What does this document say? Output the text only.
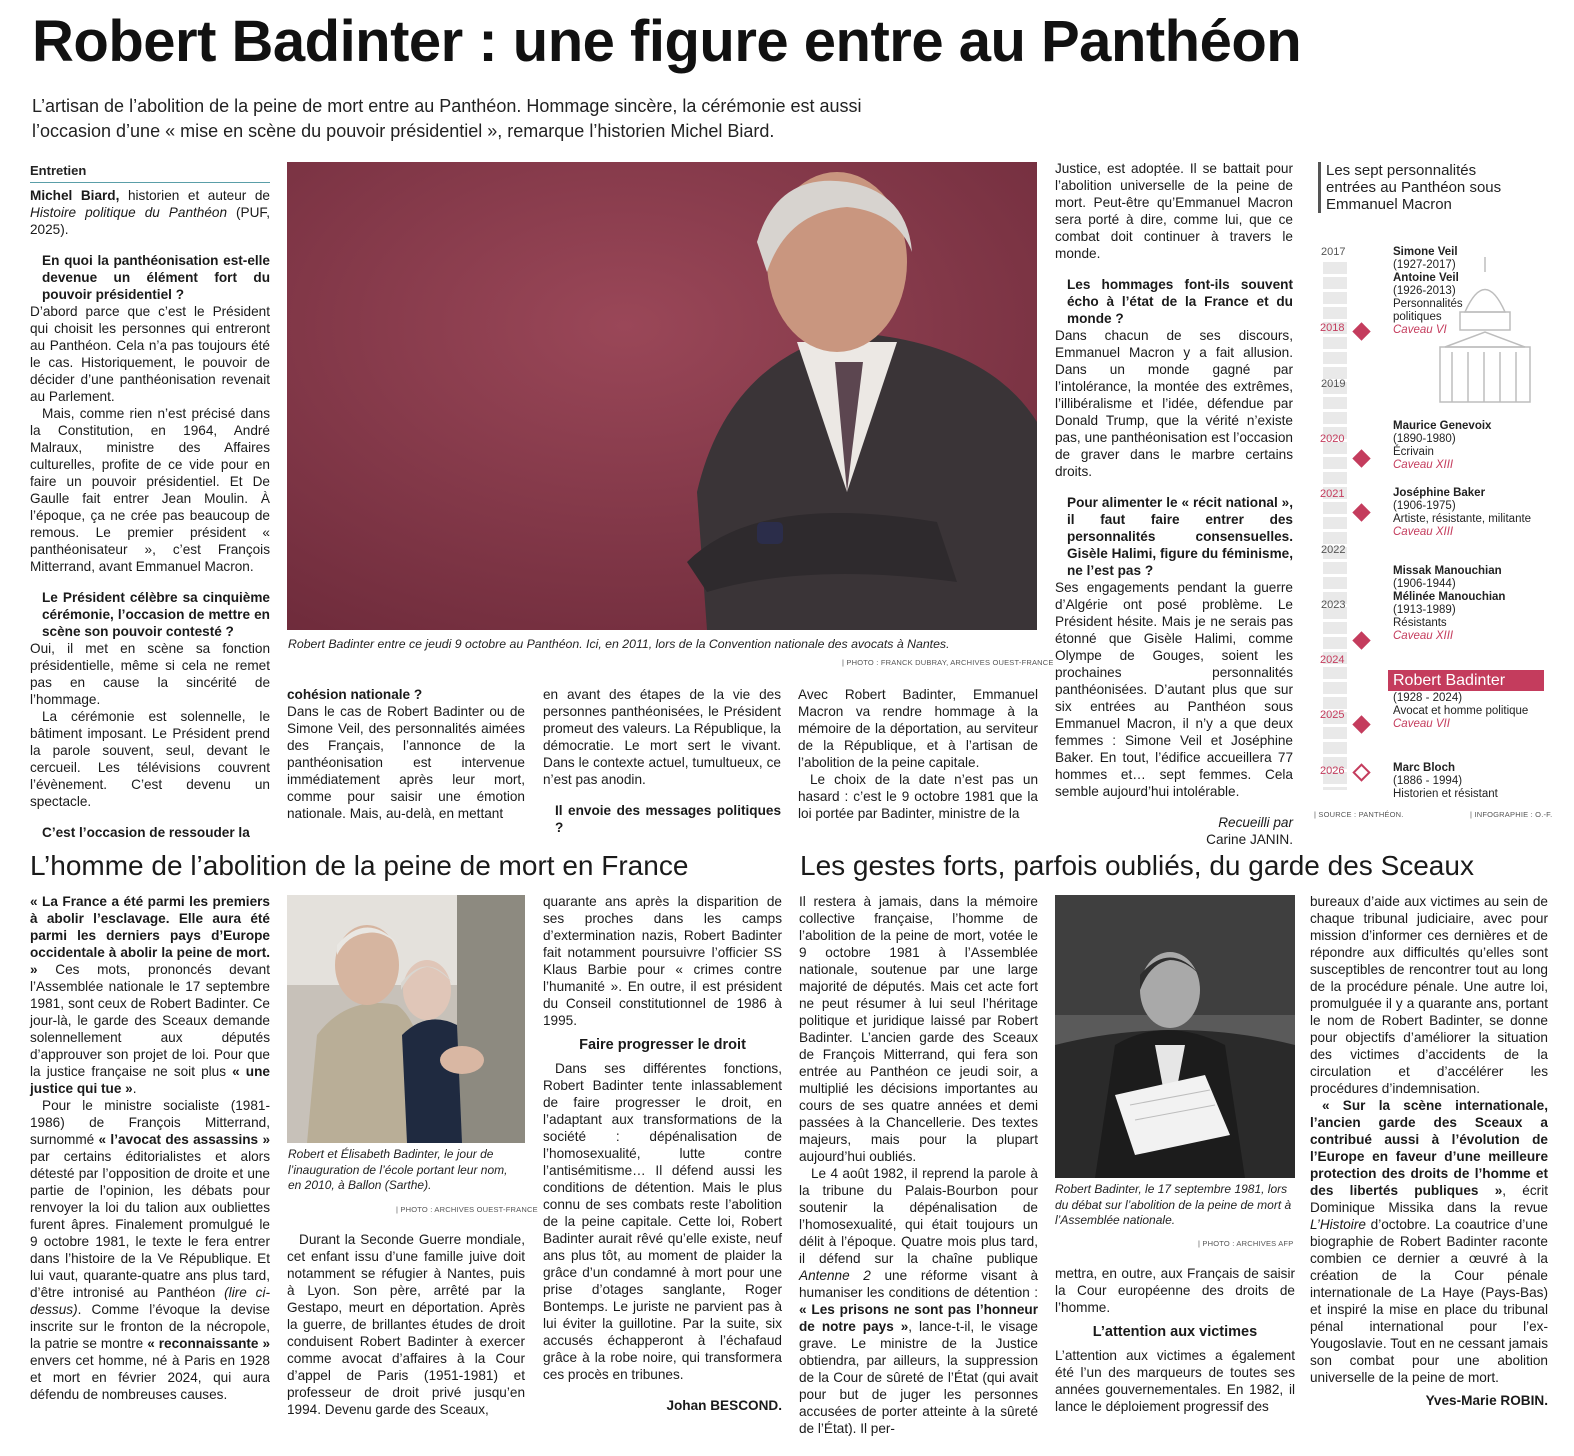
Robert Badinter : une figure entre au Panthéon
L’artisan de l’abolition de la peine de mort entre au Panthéon. Hommage sincère, la cérémonie est aussi l’occasion d’une « mise en scène du pouvoir présidentiel », remarque l’historien Michel Biard.
Entretien

Michel Biard, historien et auteur de Histoire politique du Panthéon (PUF, 2025).

En quoi la panthéonisation est-elle devenue un élément fort du pouvoir présidentiel ?

D’abord parce que c’est le Président qui choisit les personnes qui entreront au Panthéon. Cela n’a pas toujours été le cas. Historiquement, le pouvoir de décider d’une panthéonisation revenait au Parlement.

Mais, comme rien n’est précisé dans la Constitution, en 1964, André Malraux, ministre des Affaires culturelles, profite de ce vide pour en faire un pouvoir présidentiel. Et De Gaulle fait entrer Jean Moulin. À l’époque, ça ne crée pas beaucoup de remous. Le premier président « panthéonisateur », c’est François Mitterrand, avant Emmanuel Macron.

Le Président célèbre sa cinquième cérémonie, l’occasion de mettre en scène son pouvoir contesté ?

Oui, il met en scène sa fonction présidentielle, même si cela ne remet pas en cause la sincérité de l’hommage.

La cérémonie est solennelle, le bâtiment imposant. Le Président prend la parole souvent, seul, devant le cercueil. Les télévisions couvrent l’évènement. C’est devenu un spectacle.

C’est l’occasion de ressouder la

Robert Badinter entre ce jeudi 9 octobre au Panthéon. Ici, en 2011, lors de la Convention nationale des avocats à Nantes.
| PHOTO : FRANCK DUBRAY, ARCHIVES OUEST-FRANCE

cohésion nationale ?

Dans le cas de Robert Badinter ou de Simone Veil, des personnalités aimées des Français, l’annonce de la panthéonisation est intervenue immédiatement après leur mort, comme pour saisir une émotion nationale. Mais, au-delà, en mettant

en avant des étapes de la vie des personnes panthéonisées, le Président promeut des valeurs. La République, la démocratie. Le mort sert le vivant. Dans le contexte actuel, tumultueux, ce n’est pas anodin.

Il envoie des messages politiques ?

Avec Robert Badinter, Emmanuel Macron va rendre hommage à la mémoire de la déportation, au serviteur de la République, et à l’artisan de l’abolition de la peine capitale.

Le choix de la date n’est pas un hasard : c’est le 9 octobre 1981 que la loi portée par Badinter, ministre de la

Justice, est adoptée. Il se battait pour l’abolition universelle de la peine de mort. Peut-être qu’Emmanuel Macron sera porté à dire, comme lui, que ce combat doit continuer à travers le monde.

Les hommages font-ils souvent écho à l’état de la France et du monde ?

Dans chacun de ses discours, Emmanuel Macron y a fait allusion. Dans un monde gagné par l’intolérance, la montée des extrêmes, l’illibéralisme et l’idée, défendue par Donald Trump, que la vérité n’existe pas, une panthéonisation est l’occasion de graver dans le marbre certains droits.

Pour alimenter le « récit national », il faut faire entrer des personnalités consensuelles. Gisèle Halimi, figure du féminisme, ne l’est pas ?

Ses engagements pendant la guerre d’Algérie ont posé problème. Le Président hésite. Mais je ne serais pas étonné que Gisèle Halimi, comme Olympe de Gouges, soient les prochaines personnalités panthéonisées. D’autant plus que sur six entrées au Panthéon sous Emmanuel Macron, il n’y a que deux femmes : Simone Veil et Joséphine Baker. En tout, l’édifice accueillera 77 hommes et… sept femmes. Cela semble aujourd’hui intolérable.

Recueilli par

Carine JANIN.

Les sept personnalités entrées au Panthéon sous Emmanuel Macron
2017
2018
2019
2020
2021
2022
2023
2024
2025
2026
Simone Veil
(1927-2017)
Antoine Veil
(1926-2013)

Personnalités politiques
Caveau VI
Maurice Genevoix
(1890-1980)
Écrivain
Caveau XIII
Joséphine Baker
(1906-1975)
Artiste, résistante, militante
Caveau XIII
Missak Manouchian
(1906-1944)
Mélinée Manouchian
(1913-1989)
Résistants
Caveau XIII
Robert Badinter
(1928 - 2024)
Avocat et homme politique
Caveau VII
Marc Bloch
(1886 - 1994)
Historien et résistant
| SOURCE : PANTHÉON.	| INFOGRAPHIE : O.-F.
L’homme de l’abolition de la peine de mort en France	Les gestes forts, parfois oubliés, du garde des Sceaux

« La France a été parmi les premiers à abolir l’esclavage. Elle aura été parmi les derniers pays d’Europe occidentale à abolir la peine de mort. » Ces mots, prononcés devant l’Assemblée nationale le 17 septembre 1981, sont ceux de Robert Badinter. Ce jour-là, le garde des Sceaux demande solennellement aux députés d’approuver son projet de loi. Pour que la justice française ne soit plus « une justice qui tue ».

Pour le ministre socialiste (1981-1986) de François Mitterrand, surnommé « l’avocat des assassins » par certains éditorialistes et alors détesté par l’opposition de droite et une partie de l’opinion, les débats pour renvoyer la loi du talion aux oubliettes furent âpres. Finalement promulgué le 9 octobre 1981, le texte le fera entrer dans l’histoire de la Ve République. Et lui vaut, quarante-quatre ans plus tard, d’être intronisé au Panthéon (lire ci-dessus). Comme l’évoque la devise inscrite sur le fronton de la nécropole, la patrie se montre « reconnaissante » envers cet homme, né à Paris en 1928 et mort en février 2024, qui aura défendu de nombreuses causes.

Robert et Élisabeth Badinter, le jour de l’inauguration de l’école portant leur nom, en 2010, à Ballon (Sarthe).
| PHOTO : ARCHIVES OUEST-FRANCE

Durant la Seconde Guerre mondiale, cet enfant issu d’une famille juive doit notamment se réfugier à Nantes, puis à Lyon. Son père, arrêté par la Gestapo, meurt en déportation. Après la guerre, de brillantes études de droit conduisent Robert Badinter à exercer comme avocat d’affaires à la Cour d’appel de Paris (1951-1981) et professeur de droit privé jusqu’en 1994. Devenu garde des Sceaux,

quarante ans après la disparition de ses proches dans les camps d’extermination nazis, Robert Badinter fait notamment poursuivre l’officier SS Klaus Barbie pour « crimes contre l’humanité ». En outre, il est président du Conseil constitutionnel de 1986 à 1995.

Faire progresser le droit

Dans ses différentes fonctions, Robert Badinter tente inlassablement de faire progresser le droit, en l’adaptant aux transformations de la société : dépénalisation de l’homosexualité, lutte contre l’antisémitisme… Il défend aussi les conditions de détention. Mais le plus connu de ses combats reste l’abolition de la peine capitale. Cette loi, Robert Badinter aurait rêvé qu’elle existe, neuf ans plus tôt, au moment de plaider la grâce d’un condamné à mort pour une prise d’otages sanglante, Roger Bontemps. Le juriste ne parvient pas à lui éviter la guillotine. Par la suite, six accusés échapperont à l’échafaud grâce à la robe noire, qui transformera ces procès en tribunes.

Johan BESCOND.

Il restera à jamais, dans la mémoire collective française, l’homme de l’abolition de la peine de mort, votée le 9 octobre 1981 à l’Assemblée nationale, soutenue par une large majorité de députés. Mais cet acte fort ne peut résumer à lui seul l’héritage politique et juridique laissé par Robert Badinter. L’ancien garde des Sceaux de François Mitterrand, qui fera son entrée au Panthéon ce jeudi soir, a multiplié les décisions importantes au cours de ses quatre années et demi passées à la Chancellerie. Des textes majeurs, mais pour la plupart aujourd’hui oubliés.

Le 4 août 1982, il reprend la parole à la tribune du Palais-Bourbon pour soutenir la dépénalisation de l’homosexualité, qui était toujours un délit à l’époque. Quatre mois plus tard, il défend sur la chaîne publique Antenne 2 une réforme visant à humaniser les conditions de détention : « Les prisons ne sont pas l’honneur de notre pays », lance-t-il, le visage grave. Le ministre de la Justice obtiendra, par ailleurs, la suppression de la Cour de sûreté de l’État (qui avait pour but de juger les personnes accusées de porter atteinte à la sûreté de l’État). Il per-

Robert Badinter, le 17 septembre 1981, lors du débat sur l’abolition de la peine de mort à l’Assemblée nationale.
| PHOTO : ARCHIVES AFP

mettra, en outre, aux Français de saisir la Cour européenne des droits de l’homme.

L’attention aux victimes

L’attention aux victimes a également été l’un des marqueurs de toutes ses années gouvernementales. En 1982, il lance le déploiement progressif des

bureaux d’aide aux victimes au sein de chaque tribunal judiciaire, avec pour mission d’informer ces dernières et de répondre aux difficultés qu’elles sont susceptibles de rencontrer tout au long de la procédure pénale. Une autre loi, promulguée il y a quarante ans, portant le nom de Robert Badinter, se donne pour objectifs d’améliorer la situation des victimes d’accidents de la circulation et d’accélérer les procédures d’indemnisation.

« Sur la scène internationale, l’ancien garde des Sceaux a contribué aussi à l’évolution de l’Europe en faveur d’une meilleure protection des droits de l’homme et des libertés publiques », écrit Dominique Missika dans la revue L’Histoire d’octobre. La coautrice d’une biographie de Robert Badinter raconte combien ce dernier a œuvré à la création de la Cour pénale internationale de La Haye (Pays-Bas) et inspiré la mise en place du tribunal pénal international pour l’ex-Yougoslavie. Tout en ne cessant jamais son combat pour une abolition universelle de la peine de mort.

Yves-Marie ROBIN.
